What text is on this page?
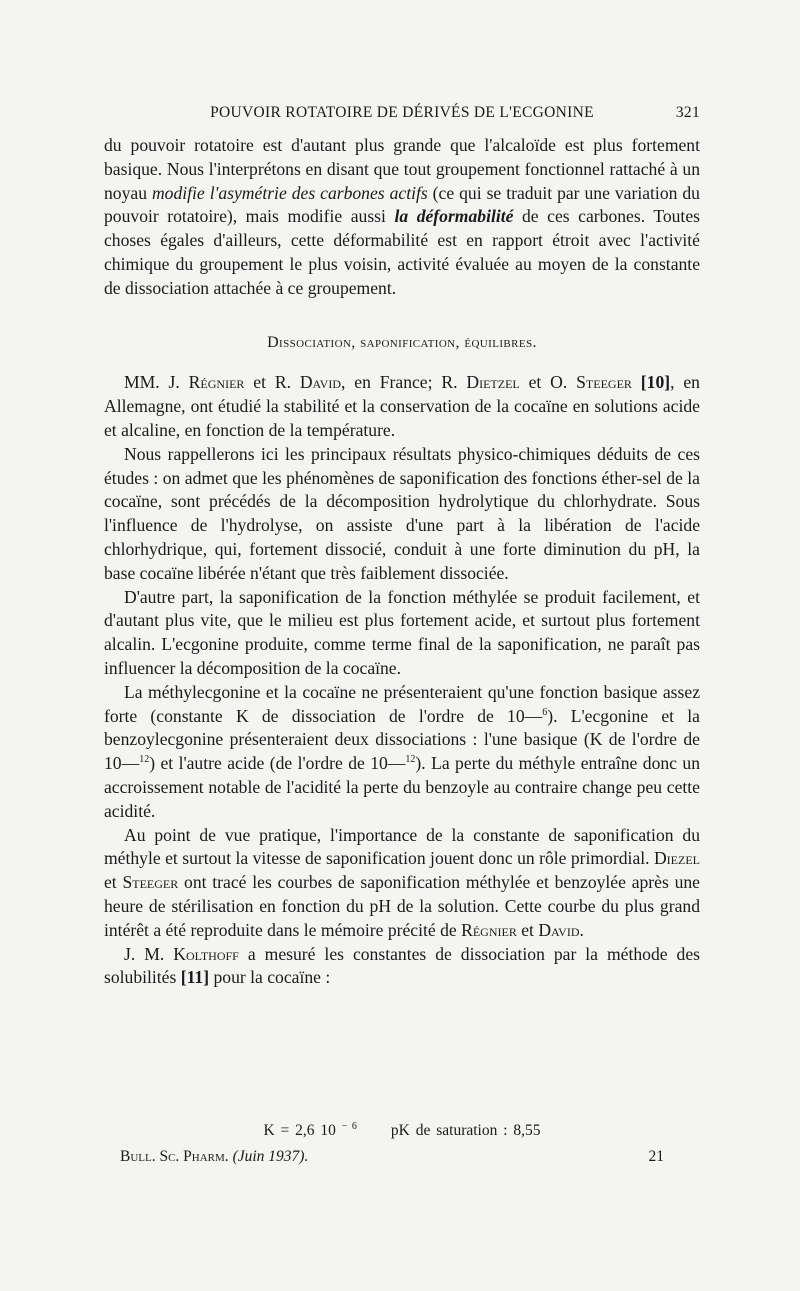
POUVOIR ROTATOIRE DE DÉRIVÉS DE L'ECGONINE	321

du pouvoir rotatoire est d'autant plus grande que l'alcaloïde est plus fortement basique. Nous l'interprétons en disant que tout groupement fonctionnel rattaché à un noyau modifie l'asymétrie des carbones actifs (ce qui se traduit par une variation du pouvoir rotatoire), mais modifie aussi la déformabilité de ces carbones. Toutes choses égales d'ailleurs, cette déformabilité est en rapport étroit avec l'activité chimique du groupement le plus voisin, activité évaluée au moyen de la constante de dissociation attachée à ce groupement.

Dissociation, saponification, équilibres.

MM. J. Régnier et R. David, en France; R. Dietzel et O. Steeger [10], en Allemagne, ont étudié la stabilité et la conservation de la cocaïne en solutions acide et alcaline, en fonction de la température.

Nous rappellerons ici les principaux résultats physico-chimiques déduits de ces études : on admet que les phénomènes de saponification des fonctions éther-sel de la cocaïne, sont précédés de la décomposition hydrolytique du chlorhydrate. Sous l'influence de l'hydrolyse, on assiste d'une part à la libération de l'acide chlorhydrique, qui, fortement dissocié, conduit à une forte diminution du pH, la base cocaïne libérée n'étant que très faiblement dissociée.

D'autre part, la saponification de la fonction méthylée se produit facilement, et d'autant plus vite, que le milieu est plus fortement acide, et surtout plus fortement alcalin. L'ecgonine produite, comme terme final de la saponification, ne paraît pas influencer la décomposition de la cocaïne.

La méthylecgonine et la cocaïne ne présenteraient qu'une fonction basique assez forte (constante K de dissociation de l'ordre de 10—$^6$). L'ecgonine et la benzoylecgonine présenteraient deux dissociations : l'une basique (K de l'ordre de 10—$^{12}$) et l'autre acide (de l'ordre de 10—$^{12}$). La perte du méthyle entraîne donc un accroissement notable de l'acidité la perte du benzoyle au contraire change peu cette acidité.

Au point de vue pratique, l'importance de la constante de saponification du méthyle et surtout la vitesse de saponification jouent donc un rôle primordial. Diezel et Steeger ont tracé les courbes de saponification méthylée et benzoylée après une heure de stérilisation en fonction du pH de la solution. Cette courbe du plus grand intérêt a été reproduite dans le mémoire précité de Régnier et David.

J. M. Kolthoff a mesuré les constantes de dissociation par la méthode des solubilités [11] pour la cocaïne :

K = 2,6 10 $^{- 6}$ pK de saturation : 8,55
Bull. Sc. Pharm. (Juin 1937).	21
